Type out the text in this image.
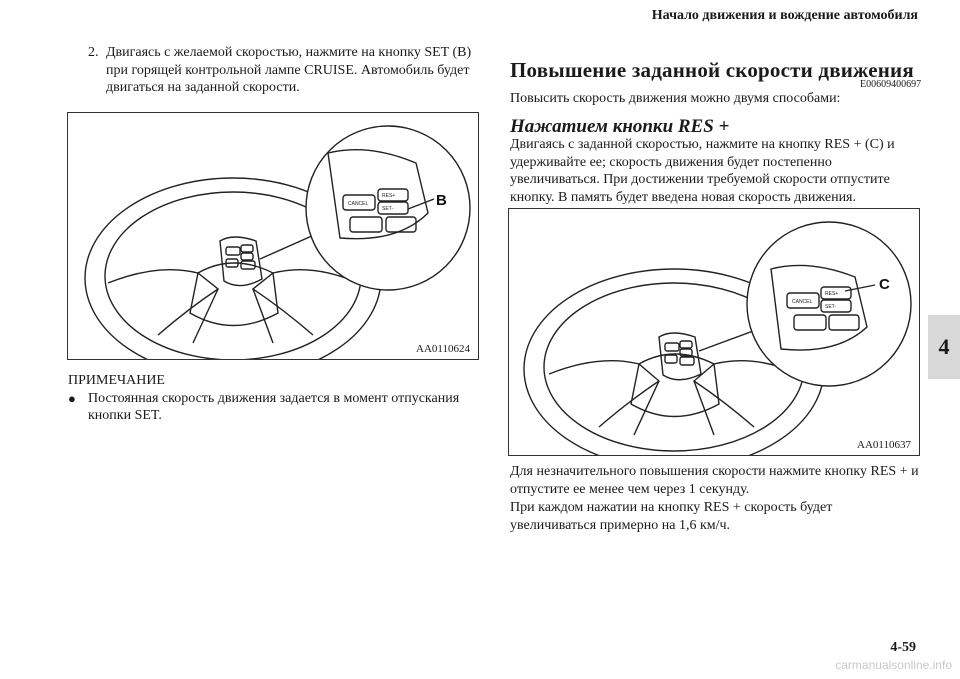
Начало движения и вождение автомобиля
4
2. Двигаясь с желаемой скоростью, нажмите на кнопку SET (B) при горящей контрольной лампе CRUISE. Автомобиль будет двигаться на заданной скорости.
CANCEL
RES+
SET-	B
AA0110624
ПРИМЕЧАНИЕ
● Постоянная скорость движения задается в момент отпускания кнопки SET.
Повышение заданной скорости движения
E00609400697
Повысить скорость движения можно двумя способами:
Нажатием кнопки RES +
Двигаясь с заданной скоростью, нажмите на кнопку RES + (C) и удерживайте ее; скорость движения будет постепенно увеличиваться. При достижении требуемой скорости отпустите кнопку. В память будет введена новая скорость движения.
CANCEL
RES+
SET-
C
AA0110637
Для незначительного повышения скорости нажмите кнопку RES + и отпустите ее менее чем через 1 секунду.
При каждом нажатии на кнопку RES + скорость будет увеличиваться примерно на 1,6 км/ч.
4-59
carmanualsonline.info
